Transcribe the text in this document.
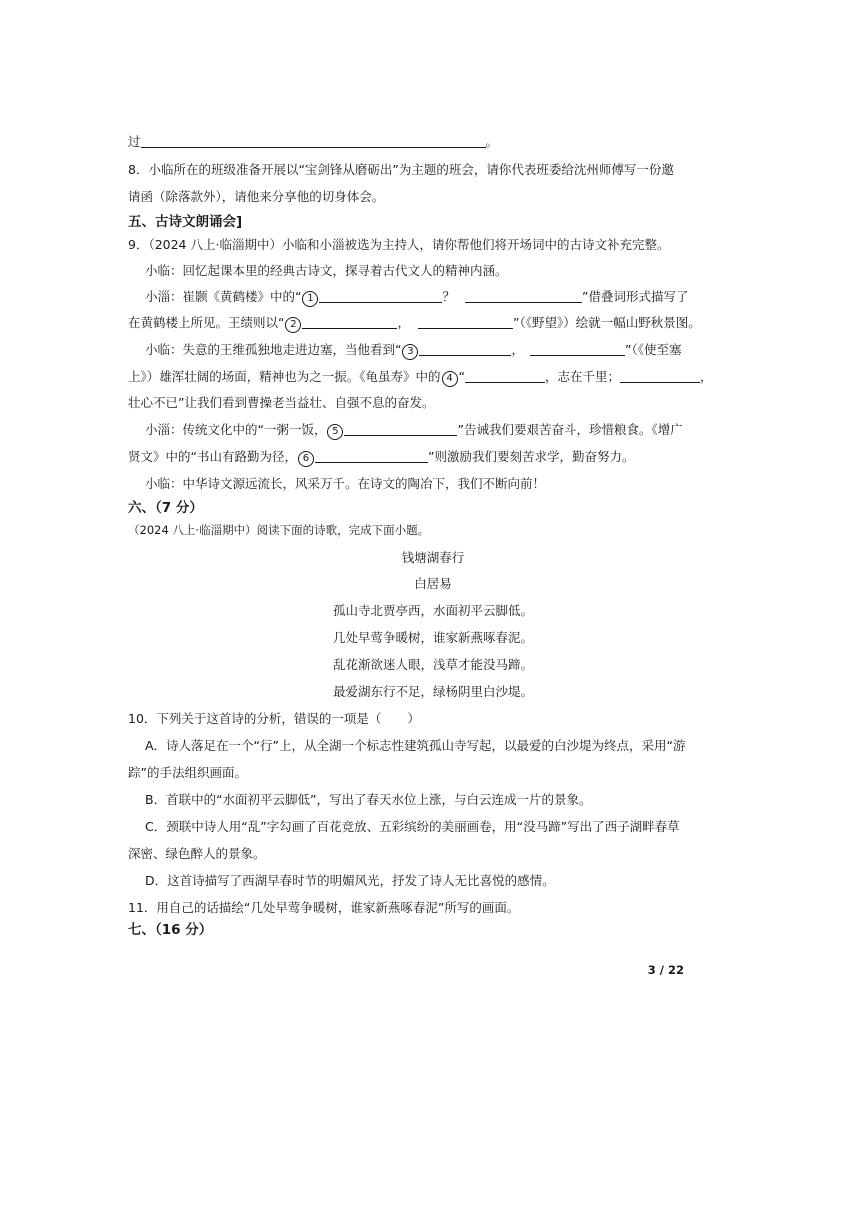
过	。
8．小临所在的班级准备开展以“宝剑锋从磨砺出”为主题的班会，请你代表班委给沈州师傅写一份邀
请函（除落款外），请他来分享他的切身体会。
五、古诗文朗诵会]
9．（2024 八上·临淄期中）小临和小淄被选为主持人，请你帮他们将开场词中的古诗文补充完整。
小临：回忆起课本里的经典古诗文，探寻着古代文人的精神内涵。
小淄：崔颢《黄鹤楼》中的“ 1	？	”借叠词形式描写了
在黄鹤楼上所见。王绩则以“ 2	，	”（《野望》）绘就一幅山野秋景图。
小临：失意的王维孤独地走进边塞，当他看到“ 3	，	”（《使至塞
上》）雄浑壮阔的场面，精神也为之一振。《龟虽寿》中的 4 “	，志在千里；	，
壮心不已”让我们看到曹操老当益壮、自强不息的奋发。
小淄：传统文化中的“一粥一饭， 5	”告诫我们要艰苦奋斗，珍惜粮食。《增广
贤文》中的“书山有路勤为径， 6	”则激励我们要刻苦求学，勤奋努力。
小临：中华诗文源远流长，风采万千。在诗文的陶冶下，我们不断向前！
六、（7 分）
（2024 八上·临淄期中）阅读下面的诗歌，完成下面小题。
钱塘湖春行
白居易
孤山寺北贾亭西，水面初平云脚低。
几处早莺争暖树，谁家新燕啄春泥。
乱花渐欲迷人眼，浅草才能没马蹄。
最爱湖东行不足，绿杨阴里白沙堤。
10．下列关于这首诗的分析，错误的一项是（ ）
A．诗人落足在一个“行”上，从全湖一个标志性建筑孤山寺写起，以最爱的白沙堤为终点，采用“游
踪”的手法组织画面。
B．首联中的“水面初平云脚低”，写出了春天水位上涨，与白云连成一片的景象。
C．颈联中诗人用“乱”字勾画了百花竞放、五彩缤纷的美丽画卷，用“没马蹄”写出了西子湖畔春草
深密、绿色醉人的景象。
D．这首诗描写了西湖早春时节的明媚风光，抒发了诗人无比喜悦的感情。
11．用自己的话描绘“几处早莺争暖树，谁家新燕啄春泥”所写的画面。
七、（16 分）
3 / 22
